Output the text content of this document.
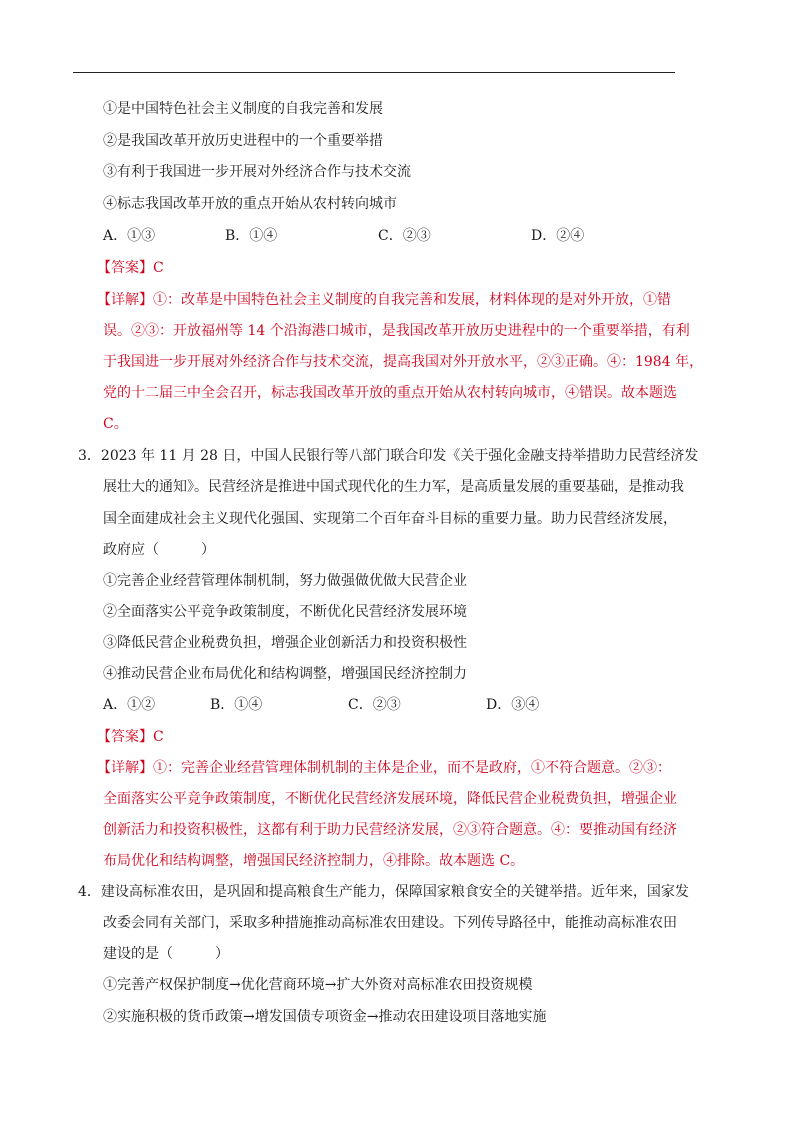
①是中国特色社会主义制度的自我完善和发展
②是我国改革开放历史进程中的一个重要举措
③有利于我国进一步开展对外经济合作与技术交流
④标志我国改革开放的重点开始从农村转向城市
A．①③	B．①④	C．②③	D．②④
【答案】C
【详解】①：改革是中国特色社会主义制度的自我完善和发展，材料体现的是对外开放，①错
误。②③：开放福州等 14 个沿海港口城市，是我国改革开放历史进程中的一个重要举措，有利
于我国进一步开展对外经济合作与技术交流，提高我国对外开放水平，②③正确。④：1984 年，
党的十二届三中全会召开，标志我国改革开放的重点开始从农村转向城市，④错误。故本题选
C。
3．2023 年 11 月 28 日，中国人民银行等八部门联合印发《关于强化金融支持举措助力民营经济发
展壮大的通知》。民营经济是推进中国式现代化的生力军，是高质量发展的重要基础，是推动我
国全面建成社会主义现代化强国、实现第二个百年奋斗目标的重要力量。助力民营经济发展，
政府应（　　　）
①完善企业经营管理体制机制，努力做强做优做大民营企业
②全面落实公平竞争政策制度，不断优化民营经济发展环境
③降低民营企业税费负担，增强企业创新活力和投资积极性
④推动民营企业布局优化和结构调整，增强国民经济控制力
A．①②	B．①④	C．②③	D．③④
【答案】C
【详解】①：完善企业经营管理体制机制的主体是企业，而不是政府，①不符合题意。②③：
全面落实公平竞争政策制度，不断优化民营经济发展环境，降低民营企业税费负担，增强企业
创新活力和投资积极性，这都有利于助力民营经济发展，②③符合题意。④：要推动国有经济
布局优化和结构调整，增强国民经济控制力，④排除。故本题选 C。
4．建设高标准农田，是巩固和提高粮食生产能力，保障国家粮食安全的关键举措。近年来，国家发
改委会同有关部门，采取多种措施推动高标准农田建设。下列传导路径中，能推动高标准农田
建设的是（　　　）
①完善产权保护制度→优化营商环境→扩大外资对高标准农田投资规模
②实施积极的货币政策→增发国债专项资金→推动农田建设项目落地实施
